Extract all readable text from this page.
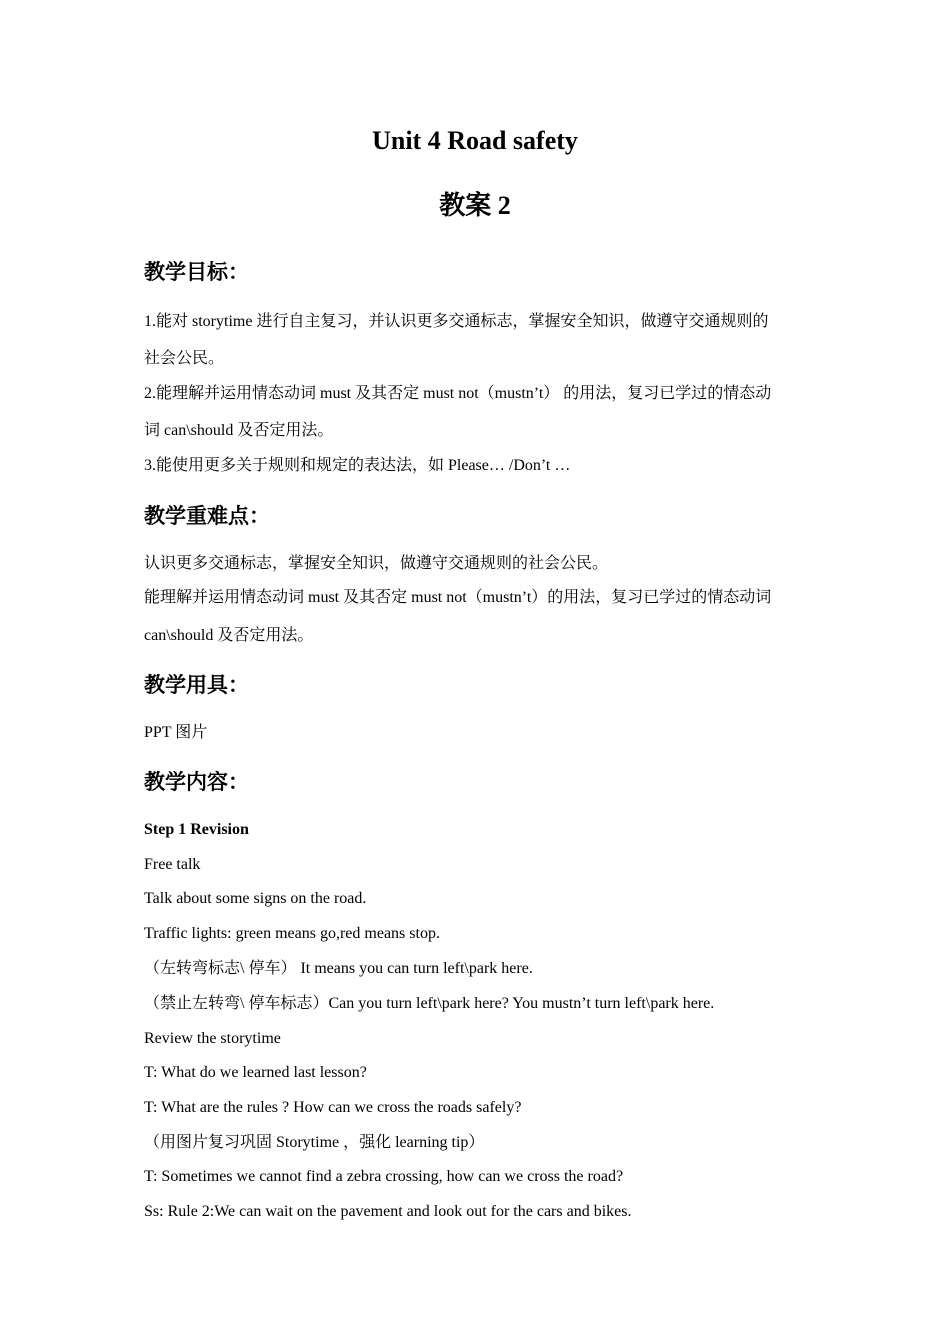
Unit 4 Road safety
教案 2
教学目标：

1.能对 storytime 进行自主复习，并认识更多交通标志，掌握安全知识，做遵守交通规则的

社会公民。

2.能理解并运用情态动词 must 及其否定 must not（mustn’t） 的用法，复习已学过的情态动

词 can\should 及否定用法。

3.能使用更多关于规则和规定的表达法，如 Please… /Don’t …

教学重难点：

认识更多交通标志，掌握安全知识，做遵守交通规则的社会公民。

能理解并运用情态动词 must 及其否定 must not（mustn’t）的用法，复习已学过的情态动词

can\should 及否定用法。

教学用具：

PPT 图片

教学内容：

Step 1 Revision

Free talk

Talk about some signs on the road.

Traffic lights: green means go,red means stop.

（左转弯标志\ 停车） It means you can turn left\park here.

（禁止左转弯\ 停车标志）Can you turn left\park here? You mustn’t turn left\park here.

Review the storytime

T: What do we learned last lesson?

T: What are the rules ? How can we cross the roads safely?

（用图片复习巩固 Storytime ，强化 learning tip）

T: Sometimes we cannot find a zebra crossing, how can we cross the road?

Ss: Rule 2:We can wait on the pavement and look out for the cars and bikes.
